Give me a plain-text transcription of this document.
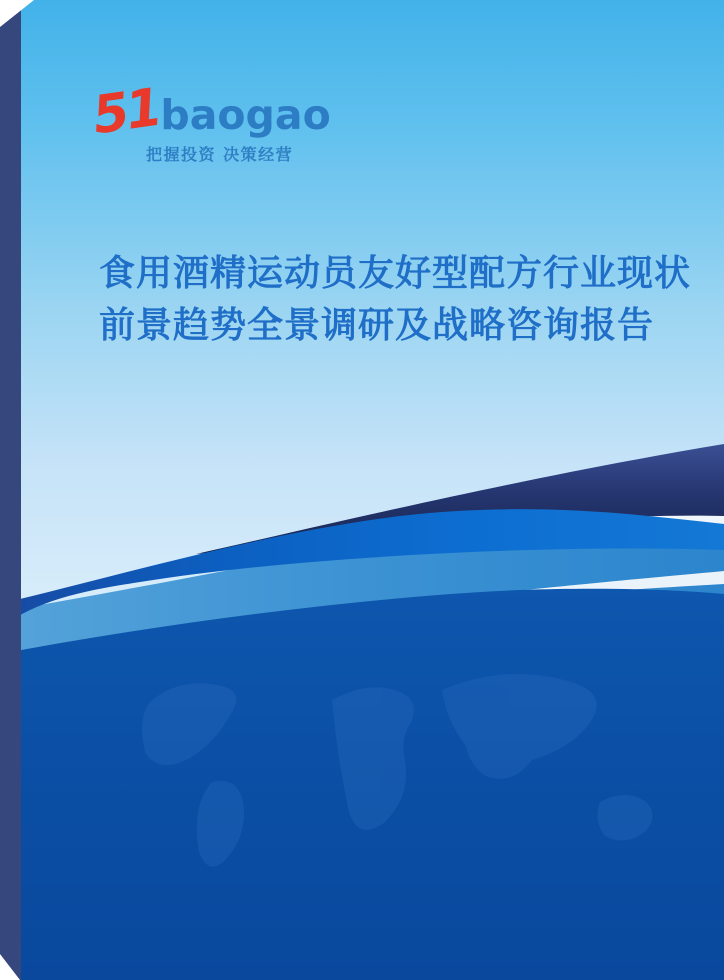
51
baogao
把握投资 决策经营
食用酒精运动员友好型配方行业现状
前景趋势全景调研及战略咨询报告
